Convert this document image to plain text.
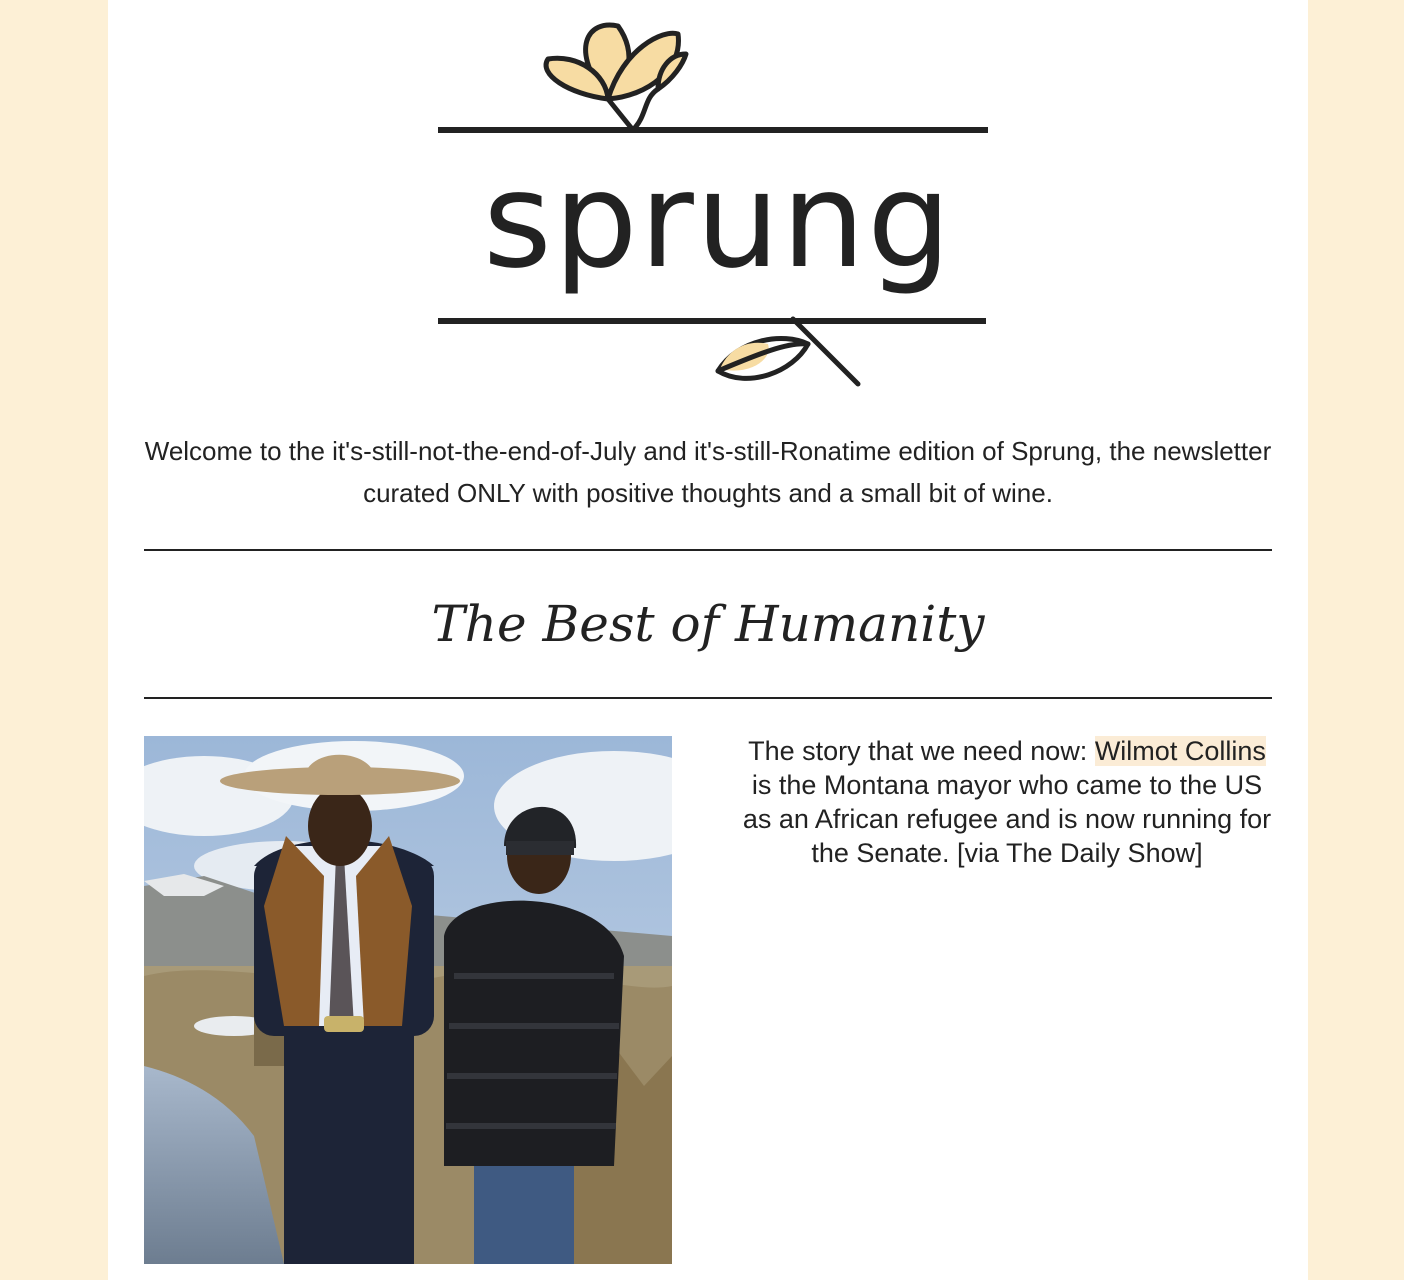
sprung

Welcome to the it's-still-not-the-end-of-July and it's-still-Ronatime edition of Sprung, the newsletter curated ONLY with positive thoughts and a small bit of wine.

The Best of Humanity

The story that we need now: Wilmot Collins is the Montana mayor who came to the US as an African refugee and is now running for the Senate. [via The Daily Show]
